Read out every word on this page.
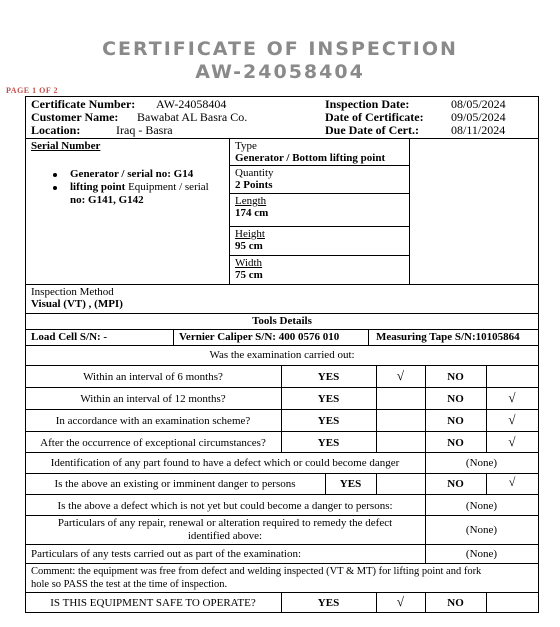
CERTIFICATE OF INSPECTION
AW-24058404
PAGE 1 OF 2
Certificate Number: AW-24058404
Customer Name: Bawabat AL Basra Co.
Location:	Iraq - Basra
Inspection Date:	08/05/2024
Date of Certificate: 09/05/2024
Due Date of Cert.:	08/11/2024
Serial Number
Generator / serial no: G14
lifting point Equipment / serial
no: G141, G142
Type
Generator / Bottom lifting point
Quantity
2 Points
Length
174 cm
Height
95 cm
Width
75 cm
Inspection Method
Visual (VT) , (MPI)
Tools Details
Load Cell S/N: -	Vernier Caliper S/N: 400 0576 010	Measuring Tape S/N:10105864
Was the examination carried out:
Within an interval of 6 months?	YES	√	NO
Within an interval of 12 months?	YES	NO	√
In accordance with an examination scheme?	YES	NO	√
After the occurrence of exceptional circumstances?	YES	NO	√
Identification of any part found to have a defect which or could become danger	(None)
Is the above an existing or imminent danger to persons	YES	NO	√
Is the above a defect which is not yet but could become a danger to persons:	(None)
Particulars of any repair, renewal or alteration required to remedy the defect
identified above:	(None)
Particulars of any tests carried out as part of the examination:	(None)
Comment: the equipment was free from defect and welding inspected (VT & MT) for lifting point and fork
hole so PASS the test at the time of inspection.
IS THIS EQUIPMENT SAFE TO OPERATE?	YES	√	NO
